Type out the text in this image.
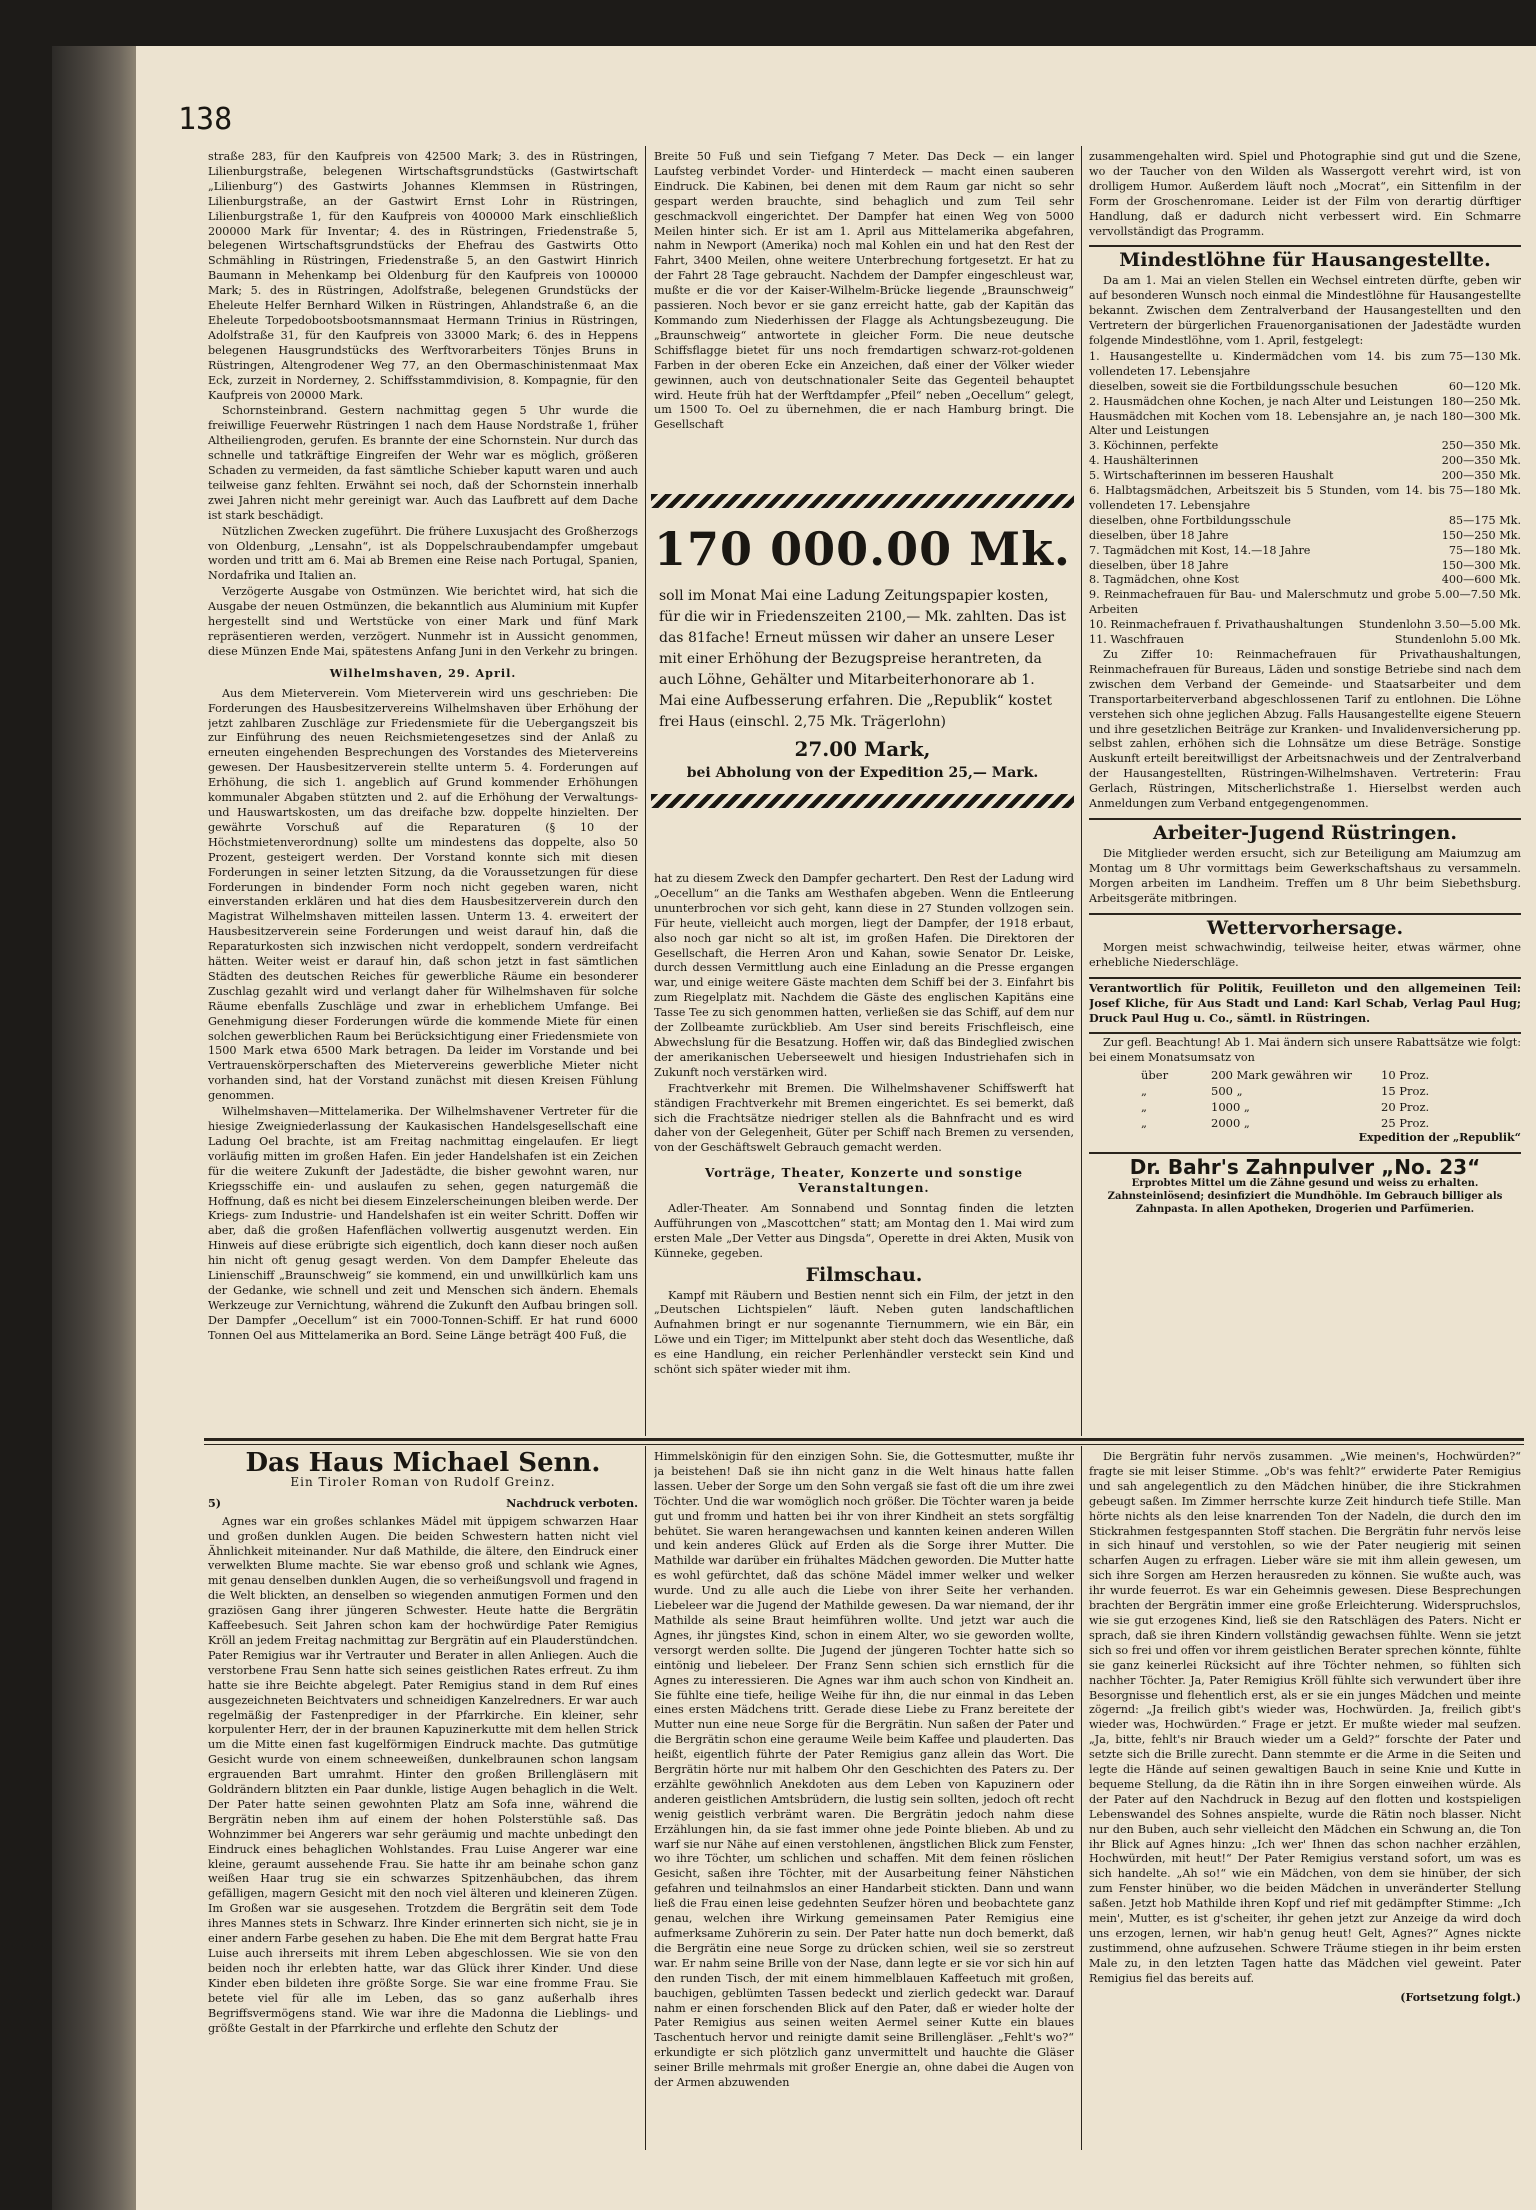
138

straße 283, für den Kaufpreis von 42500 Mark; 3. des in Rüstringen, Lilienburgstraße, belegenen Wirtschaftsgrundstücks (Gastwirtschaft „Lilienburg“) des Gastwirts Johannes Klemmsen in Rüstringen, Lilienburgstraße, an der Gastwirt Ernst Lohr in Rüstringen, Lilienburgstraße 1, für den Kaufpreis von 400000 Mark einschließlich 200000 Mark für Inventar; 4. des in Rüstringen, Friedenstraße 5, belegenen Wirtschaftsgrundstücks der Ehefrau des Gastwirts Otto Schmähling in Rüstringen, Friedenstraße 5, an den Gastwirt Hinrich Baumann in Mehenkamp bei Oldenburg für den Kaufpreis von 100000 Mark; 5. des in Rüstringen, Adolfstraße, belegenen Grundstücks der Eheleute Helfer Bernhard Wilken in Rüstringen, Ahlandstraße 6, an die Eheleute Torpedobootsbootsmannsmaat Hermann Trinius in Rüstringen, Adolfstraße 31, für den Kaufpreis von 33000 Mark; 6. des in Heppens belegenen Hausgrundstücks des Werftvorarbeiters Tönjes Bruns in Rüstringen, Altengrodener Weg 77, an den Obermaschinistenmaat Max Eck, zurzeit in Norderney, 2. Schiffsstammdivision, 8. Kompagnie, für den Kaufpreis von 20000 Mark.

Schornsteinbrand. Gestern nachmittag gegen 5 Uhr wurde die freiwillige Feuerwehr Rüstringen 1 nach dem Hause Nordstraße 1, früher Altheiliengroden, gerufen. Es brannte der eine Schornstein. Nur durch das schnelle und tatkräftige Eingreifen der Wehr war es möglich, größeren Schaden zu vermeiden, da fast sämtliche Schieber kaputt waren und auch teilweise ganz fehlten. Erwähnt sei noch, daß der Schornstein innerhalb zwei Jahren nicht mehr gereinigt war. Auch das Laufbrett auf dem Dache ist stark beschädigt.

Nützlichen Zwecken zugeführt. Die frühere Luxusjacht des Großherzogs von Oldenburg, „Lensahn“, ist als Doppelschraubendampfer umgebaut worden und tritt am 6. Mai ab Bremen eine Reise nach Portugal, Spanien, Nordafrika und Italien an.

Verzögerte Ausgabe von Ostmünzen. Wie berichtet wird, hat sich die Ausgabe der neuen Ostmünzen, die bekanntlich aus Aluminium mit Kupfer hergestellt sind und Wertstücke von einer Mark und fünf Mark repräsentieren werden, verzögert. Nunmehr ist in Aussicht genommen, diese Münzen Ende Mai, spätestens Anfang Juni in den Verkehr zu bringen.

Wilhelmshaven, 29. April.

Aus dem Mieterverein. Vom Mieterverein wird uns geschrieben: Die Forderungen des Hausbesitzervereins Wilhelmshaven über Erhöhung der jetzt zahlbaren Zuschläge zur Friedensmiete für die Uebergangszeit bis zur Einführung des neuen Reichsmietengesetzes sind der Anlaß zu erneuten eingehenden Besprechungen des Vorstandes des Mietervereins gewesen. Der Hausbesitzerverein stellte unterm 5. 4. Forderungen auf Erhöhung, die sich 1. angeblich auf Grund kommender Erhöhungen kommunaler Abgaben stützten und 2. auf die Erhöhung der Verwaltungs- und Hauswartskosten, um das dreifache bzw. doppelte hinzielten. Der gewährte Vorschuß auf die Reparaturen (§ 10 der Höchstmietenverordnung) sollte um mindestens das doppelte, also 50 Prozent, gesteigert werden. Der Vorstand konnte sich mit diesen Forderungen in seiner letzten Sitzung, da die Voraussetzungen für diese Forderungen in bindender Form noch nicht gegeben waren, nicht einverstanden erklären und hat dies dem Hausbesitzerverein durch den Magistrat Wilhelmshaven mitteilen lassen. Unterm 13. 4. erweitert der Hausbesitzerverein seine Forderungen und weist darauf hin, daß die Reparaturkosten sich inzwischen nicht verdoppelt, sondern verdreifacht hätten. Weiter weist er darauf hin, daß schon jetzt in fast sämtlichen Städten des deutschen Reiches für gewerbliche Räume ein besonderer Zuschlag gezahlt wird und verlangt daher für Wilhelmshaven für solche Räume ebenfalls Zuschläge und zwar in erheblichem Umfange. Bei Genehmigung dieser Forderungen würde die kommende Miete für einen solchen gewerblichen Raum bei Berücksichtigung einer Friedensmiete von 1500 Mark etwa 6500 Mark betragen. Da leider im Vorstande und bei Vertrauenskörperschaften des Mietervereins gewerbliche Mieter nicht vorhanden sind, hat der Vorstand zunächst mit diesen Kreisen Fühlung genommen.

Wilhelmshaven—Mittelamerika. Der Wilhelmshavener Vertreter für die hiesige Zweigniederlassung der Kaukasischen Handelsgesellschaft eine Ladung Oel brachte, ist am Freitag nachmittag eingelaufen. Er liegt vorläufig mitten im großen Hafen. Ein jeder Handelshafen ist ein Zeichen für die weitere Zukunft der Jadestädte, die bisher gewohnt waren, nur Kriegsschiffe ein- und auslaufen zu sehen, gegen naturgemäß die Hoffnung, daß es nicht bei diesem Einzelerscheinungen bleiben werde. Der Kriegs- zum Industrie- und Handelshafen ist ein weiter Schritt. Doffen wir aber, daß die großen Hafenflächen vollwertig ausgenutzt werden. Ein Hinweis auf diese erübrigte sich eigentlich, doch kann dieser noch außen hin nicht oft genug gesagt werden. Von dem Dampfer Eheleute das Linienschiff „Braunschweig“ sie kommend, ein und unwillkürlich kam uns der Gedanke, wie schnell und zeit und Menschen sich ändern. Ehemals Werkzeuge zur Vernichtung, während die Zukunft den Aufbau bringen soll. Der Dampfer „Oecellum“ ist ein 7000-Tonnen-Schiff. Er hat rund 6000 Tonnen Oel aus Mittelamerika an Bord. Seine Länge beträgt 400 Fuß, die

Breite 50 Fuß und sein Tiefgang 7 Meter. Das Deck — ein langer Laufsteg verbindet Vorder- und Hinterdeck — macht einen sauberen Eindruck. Die Kabinen, bei denen mit dem Raum gar nicht so sehr gespart werden brauchte, sind behaglich und zum Teil sehr geschmackvoll eingerichtet. Der Dampfer hat einen Weg von 5000 Meilen hinter sich. Er ist am 1. April aus Mittelamerika abgefahren, nahm in Newport (Amerika) noch mal Kohlen ein und hat den Rest der Fahrt, 3400 Meilen, ohne weitere Unterbrechung fortgesetzt. Er hat zu der Fahrt 28 Tage gebraucht. Nachdem der Dampfer eingeschleust war, mußte er die vor der Kaiser-Wilhelm-Brücke liegende „Braunschweig“ passieren. Noch bevor er sie ganz erreicht hatte, gab der Kapitän das Kommando zum Niederhissen der Flagge als Achtungsbezeugung. Die „Braunschweig“ antwortete in gleicher Form. Die neue deutsche Schiffsflagge bietet für uns noch fremdartigen schwarz-rot-goldenen Farben in der oberen Ecke ein Anzeichen, daß einer der Völker wieder gewinnen, auch von deutschnationaler Seite das Gegenteil behauptet wird. Heute früh hat der Werftdampfer „Pfeil“ neben „Oecellum“ gelegt, um 1500 To. Oel zu übernehmen, die er nach Hamburg bringt. Die Gesellschaft

170 000.00 Mk.
soll im Monat Mai eine Ladung Zeitungspapier kosten, für die wir in Friedenszeiten 2100,— Mk. zahlten. Das ist das 81fache! Erneut müssen wir daher an unsere Leser mit einer Erhöhung der Bezugspreise herantreten, da auch Löhne, Gehälter und Mitarbeiterhonorare ab 1. Mai eine Aufbesserung erfahren. Die „Republik“ kostet frei Haus (einschl. 2,75 Mk. Trägerlohn)
27.00 Mark,
bei Abholung von der Expedition 25,— Mark.

hat zu diesem Zweck den Dampfer gechartert. Den Rest der Ladung wird „Oecellum“ an die Tanks am Westhafen abgeben. Wenn die Entleerung ununterbrochen vor sich geht, kann diese in 27 Stunden vollzogen sein. Für heute, vielleicht auch morgen, liegt der Dampfer, der 1918 erbaut, also noch gar nicht so alt ist, im großen Hafen. Die Direktoren der Gesellschaft, die Herren Aron und Kahan, sowie Senator Dr. Leiske, durch dessen Vermittlung auch eine Einladung an die Presse ergangen war, und einige weitere Gäste machten dem Schiff bei der 3. Einfahrt bis zum Riegelplatz mit. Nachdem die Gäste des englischen Kapitäns eine Tasse Tee zu sich genommen hatten, verließen sie das Schiff, auf dem nur der Zollbeamte zurückblieb. Am User sind bereits Frischfleisch, eine Abwechslung für die Besatzung. Hoffen wir, daß das Bindeglied zwischen der amerikanischen Ueberseewelt und hiesigen Industriehafen sich in Zukunft noch verstärken wird.

Frachtverkehr mit Bremen. Die Wilhelmshavener Schiffswerft hat ständigen Frachtverkehr mit Bremen eingerichtet. Es sei bemerkt, daß sich die Frachtsätze niedriger stellen als die Bahnfracht und es wird daher von der Gelegenheit, Güter per Schiff nach Bremen zu versenden, von der Geschäftswelt Gebrauch gemacht werden.

Vorträge, Theater, Konzerte und sonstige Veranstaltungen.

Adler-Theater. Am Sonnabend und Sonntag finden die letzten Aufführungen von „Mascottchen“ statt; am Montag den 1. Mai wird zum ersten Male „Der Vetter aus Dingsda“, Operette in drei Akten, Musik von Künneke, gegeben.

Filmschau.

Kampf mit Räubern und Bestien nennt sich ein Film, der jetzt in den „Deutschen Lichtspielen“ läuft. Neben guten landschaftlichen Aufnahmen bringt er nur sogenannte Tiernummern, wie ein Bär, ein Löwe und ein Tiger; im Mittelpunkt aber steht doch das Wesentliche, daß es eine Handlung, ein reicher Perlenhändler versteckt sein Kind und schönt sich später wieder mit ihm.

zusammengehalten wird. Spiel und Photographie sind gut und die Szene, wo der Taucher von den Wilden als Wassergott verehrt wird, ist von drolligem Humor. Außerdem läuft noch „Mocrat“, ein Sittenfilm in der Form der Groschenromane. Leider ist der Film von derartig dürftiger Handlung, daß er dadurch nicht verbessert wird. Ein Schmarre vervollständigt das Programm.

Mindestlöhne für Hausangestellte.

Da am 1. Mai an vielen Stellen ein Wechsel eintreten dürfte, geben wir auf besonderen Wunsch noch einmal die Mindestlöhne für Hausangestellte bekannt. Zwischen dem Zentralverband der Hausangestellten und den Vertretern der bürgerlichen Frauenorganisationen der Jadestädte wurden folgende Mindestlöhne, vom 1. April, festgelegt:

1. Hausangestellte u. Kindermädchen vom 14. bis zum vollendeten 17. Lebensjahre
75—130 Mk.
dieselben, soweit sie die Fortbildungsschule besuchen	60—120 Mk.
2. Hausmädchen ohne Kochen, je nach Alter und Leistungen 180—250 Mk.
Hausmädchen mit Kochen vom 18. Lebensjahre an, je nach Alter und Leistungen
180—300 Mk.
3. Köchinnen, perfekte	250—350 Mk.
4. Haushälterinnen	200—350 Mk.
5. Wirtschafterinnen im besseren Haushalt	200—350 Mk.
6. Halbtagsmädchen, Arbeitszeit bis 5 Stunden, vom 14. bis vollendeten 17. Lebensjahre
75—180 Mk.
dieselben, ohne Fortbildungsschule	85—175 Mk.
dieselben, über 18 Jahre	150—250 Mk.
7. Tagmädchen mit Kost, 14.—18 Jahre	75—180 Mk.
dieselben, über 18 Jahre	150—300 Mk.
8. Tagmädchen, ohne Kost	400—600 Mk.
9. Reinmachefrauen für Bau- und Malerschmutz und grobe Arbeiten
5.00—7.50 Mk.
10. Reinmachefrauen f. Privathaushaltungen	Stundenlohn 3.50—5.00 Mk.
11. Waschfrauen	Stundenlohn 5.00 Mk.

Zu Ziffer 10: Reinmachefrauen für Privathaushaltungen, Reinmachefrauen für Bureaus, Läden und sonstige Betriebe sind nach dem zwischen dem Verband der Gemeinde- und Staatsarbeiter und dem Transportarbeiterverband abgeschlossenen Tarif zu entlohnen. Die Löhne verstehen sich ohne jeglichen Abzug. Falls Hausangestellte eigene Steuern und ihre gesetzlichen Beiträge zur Kranken- und Invalidenversicherung pp. selbst zahlen, erhöhen sich die Lohnsätze um diese Beträge. Sonstige Auskunft erteilt bereitwilligst der Arbeitsnachweis und der Zentralverband der Hausangestellten, Rüstringen-Wilhelmshaven. Vertreterin: Frau Gerlach, Rüstringen, Mitscherlichstraße 1. Hierselbst werden auch Anmeldungen zum Verband entgegengenommen.

Arbeiter-Jugend Rüstringen.

Die Mitglieder werden ersucht, sich zur Beteiligung am Maiumzug am Montag um 8 Uhr vormittags beim Gewerkschaftshaus zu versammeln. Morgen arbeiten im Landheim. Treffen um 8 Uhr beim Siebethsburg. Arbeitsgeräte mitbringen.

Wettervorhersage.

Morgen meist schwachwindig, teilweise heiter, etwas wärmer, ohne erhebliche Niederschläge.

Verantwortlich für Politik, Feuilleton und den allgemeinen Teil: Josef Kliche, für Aus Stadt und Land: Karl Schab, Verlag Paul Hug; Druck Paul Hug u. Co., sämtl. in Rüstringen.

Zur gefl. Beachtung! Ab 1. Mai ändern sich unsere Rabattsätze wie folgt: bei einem Monatsumsatz von

über	200 Mark gewähren wir	10 Proz.
„	500 „	15 Proz.
„	1000 „	20 Proz.
„	2000 „	25 Proz.
Expedition der „Republik“
Dr. Bahr's Zahnpulver „No. 23“
Erprobtes Mittel um die Zähne gesund und weiss zu erhalten. Zahnsteinlösend; desinfiziert die Mundhöhle. Im Gebrauch billiger als Zahnpasta. In allen Apotheken, Drogerien und Parfümerien.
Das Haus Michael Senn.
Ein Tiroler Roman von Rudolf Greinz.
5)	Nachdruck verboten.

Agnes war ein großes schlankes Mädel mit üppigem schwarzen Haar und großen dunklen Augen. Die beiden Schwestern hatten nicht viel Ähnlichkeit miteinander. Nur daß Mathilde, die ältere, den Eindruck einer verwelkten Blume machte. Sie war ebenso groß und schlank wie Agnes, mit genau denselben dunklen Augen, die so verheißungsvoll und fragend in die Welt blickten, an denselben so wiegenden anmutigen Formen und den graziösen Gang ihrer jüngeren Schwester. Heute hatte die Bergrätin Kaffeebesuch. Seit Jahren schon kam der hochwürdige Pater Remigius Kröll an jedem Freitag nachmittag zur Bergrätin auf ein Plauderstündchen. Pater Remigius war ihr Vertrauter und Berater in allen Anliegen. Auch die verstorbene Frau Senn hatte sich seines geistlichen Rates erfreut. Zu ihm hatte sie ihre Beichte abgelegt. Pater Remigius stand in dem Ruf eines ausgezeichneten Beichtvaters und schneidigen Kanzelredners. Er war auch regelmäßig der Fastenprediger in der Pfarrkirche. Ein kleiner, sehr korpulenter Herr, der in der braunen Kapuzinerkutte mit dem hellen Strick um die Mitte einen fast kugelförmigen Eindruck machte. Das gutmütige Gesicht wurde von einem schneeweißen, dunkelbraunen schon langsam ergrauenden Bart umrahmt. Hinter den großen Brillengläsern mit Goldrändern blitzten ein Paar dunkle, listige Augen behaglich in die Welt. Der Pater hatte seinen gewohnten Platz am Sofa inne, während die Bergrätin neben ihm auf einem der hohen Polsterstühle saß. Das Wohnzimmer bei Angerers war sehr geräumig und machte unbedingt den Eindruck eines behaglichen Wohlstandes. Frau Luise Angerer war eine kleine, geraumt aussehende Frau. Sie hatte ihr am beinahe schon ganz weißen Haar trug sie ein schwarzes Spitzenhäubchen, das ihrem gefälligen, magern Gesicht mit den noch viel älteren und kleineren Zügen. Im Großen war sie ausgesehen. Trotzdem die Bergrätin seit dem Tode ihres Mannes stets in Schwarz. Ihre Kinder erinnerten sich nicht, sie je in einer andern Farbe gesehen zu haben. Die Ehe mit dem Bergrat hatte Frau Luise auch ihrerseits mit ihrem Leben abgeschlossen. Wie sie von den beiden noch ihr erlebten hatte, war das Glück ihrer Kinder. Und diese Kinder eben bildeten ihre größte Sorge. Sie war eine fromme Frau. Sie betete viel für alle im Leben, das so ganz außerhalb ihres Begriffsvermögens stand. Wie war ihre die Madonna die Lieblings- und größte Gestalt in der Pfarrkirche und erflehte den Schutz der

Himmelskönigin für den einzigen Sohn. Sie, die Gottesmutter, mußte ihr ja beistehen! Daß sie ihn nicht ganz in die Welt hinaus hatte fallen lassen. Ueber der Sorge um den Sohn vergaß sie fast oft die um ihre zwei Töchter. Und die war womöglich noch größer. Die Töchter waren ja beide gut und fromm und hatten bei ihr von ihrer Kindheit an stets sorgfältig behütet. Sie waren herangewachsen und kannten keinen anderen Willen und kein anderes Glück auf Erden als die Sorge ihrer Mutter. Die Mathilde war darüber ein frühaltes Mädchen geworden. Die Mutter hatte es wohl gefürchtet, daß das schöne Mädel immer welker und welker wurde. Und zu alle auch die Liebe von ihrer Seite her verhanden. Liebeleer war die Jugend der Mathilde gewesen. Da war niemand, der ihr Mathilde als seine Braut heimführen wollte. Und jetzt war auch die Agnes, ihr jüngstes Kind, schon in einem Alter, wo sie geworden wollte, versorgt werden sollte. Die Jugend der jüngeren Tochter hatte sich so eintönig und liebeleer. Der Franz Senn schien sich ernstlich für die Agnes zu interessieren. Die Agnes war ihm auch schon von Kindheit an. Sie fühlte eine tiefe, heilige Weihe für ihn, die nur einmal in das Leben eines ersten Mädchens tritt. Gerade diese Liebe zu Franz bereitete der Mutter nun eine neue Sorge für die Bergrätin. Nun saßen der Pater und die Bergrätin schon eine geraume Weile beim Kaffee und plauderten. Das heißt, eigentlich führte der Pater Remigius ganz allein das Wort. Die Bergrätin hörte nur mit halbem Ohr den Geschichten des Paters zu. Der erzählte gewöhnlich Anekdoten aus dem Leben von Kapuzinern oder anderen geistlichen Amtsbrüdern, die lustig sein sollten, jedoch oft recht wenig geistlich verbrämt waren. Die Bergrätin jedoch nahm diese Erzählungen hin, da sie fast immer ohne jede Pointe blieben. Ab und zu warf sie nur Nähe auf einen verstohlenen, ängstlichen Blick zum Fenster, wo ihre Töchter, um schlichen und schaffen. Mit dem feinen röslichen Gesicht, saßen ihre Töchter, mit der Ausarbeitung feiner Nähstichen gefahren und teilnahmslos an einer Handarbeit stickten. Dann und wann ließ die Frau einen leise gedehnten Seufzer hören und beobachtete ganz genau, welchen ihre Wirkung gemeinsamen Pater Remigius eine aufmerksame Zuhörerin zu sein. Der Pater hatte nun doch bemerkt, daß die Bergrätin eine neue Sorge zu drücken schien, weil sie so zerstreut war. Er nahm seine Brille von der Nase, dann legte er sie vor sich hin auf den runden Tisch, der mit einem himmelblauen Kaffeetuch mit großen, bauchigen, geblümten Tassen bedeckt und zierlich gedeckt war. Darauf nahm er einen forschenden Blick auf den Pater, daß er wieder holte der Pater Remigius aus seinen weiten Aermel seiner Kutte ein blaues Taschentuch hervor und reinigte damit seine Brillengläser. „Fehlt's wo?“ erkundigte er sich plötzlich ganz unvermittelt und hauchte die Gläser seiner Brille mehrmals mit großer Energie an, ohne dabei die Augen von der Armen abzuwenden

Die Bergrätin fuhr nervös zusammen. „Wie meinen's, Hochwürden?“ fragte sie mit leiser Stimme. „Ob's was fehlt?“ erwiderte Pater Remigius und sah angelegentlich zu den Mädchen hinüber, die ihre Stickrahmen gebeugt saßen. Im Zimmer herrschte kurze Zeit hindurch tiefe Stille. Man hörte nichts als den leise knarrenden Ton der Nadeln, die durch den im Stickrahmen festgespannten Stoff stachen. Die Bergrätin fuhr nervös leise in sich hinauf und verstohlen, so wie der Pater neugierig mit seinen scharfen Augen zu erfragen. Lieber wäre sie mit ihm allein gewesen, um sich ihre Sorgen am Herzen herausreden zu können. Sie wußte auch, was ihr wurde feuerrot. Es war ein Geheimnis gewesen. Diese Besprechungen brachten der Bergrätin immer eine große Erleichterung. Widerspruchslos, wie sie gut erzogenes Kind, ließ sie den Ratschlägen des Paters. Nicht er sprach, daß sie ihren Kindern vollständig gewachsen fühlte. Wenn sie jetzt sich so frei und offen vor ihrem geistlichen Berater sprechen könnte, fühlte sie ganz keinerlei Rücksicht auf ihre Töchter nehmen, so fühlten sich nachher Töchter. Ja, Pater Remigius Kröll fühlte sich verwundert über ihre Besorgnisse und flehentlich erst, als er sie ein junges Mädchen und meinte zögernd: „Ja freilich gibt's wieder was, Hochwürden. Ja, freilich gibt's wieder was, Hochwürden.“ Frage er jetzt. Er mußte wieder mal seufzen. „Ja, bitte, fehlt's nir Brauch wieder um a Geld?“ forschte der Pater und setzte sich die Brille zurecht. Dann stemmte er die Arme in die Seiten und legte die Hände auf seinen gewaltigen Bauch in seine Knie und Kutte in bequeme Stellung, da die Rätin ihn in ihre Sorgen einweihen würde. Als der Pater auf den Nachdruck in Bezug auf den flotten und kostspieligen Lebenswandel des Sohnes anspielte, wurde die Rätin noch blasser. Nicht nur den Buben, auch sehr vielleicht den Mädchen ein Schwung an, die Ton ihr Blick auf Agnes hinzu: „Ich wer' Ihnen das schon nachher erzählen, Hochwürden, mit heut!“ Der Pater Remigius verstand sofort, um was es sich handelte. „Ah so!“ wie ein Mädchen, von dem sie hinüber, der sich zum Fenster hinüber, wo die beiden Mädchen in unveränderter Stellung saßen. Jetzt hob Mathilde ihren Kopf und rief mit gedämpfter Stimme: „Ich mein', Mutter, es ist g'scheiter, ihr gehen jetzt zur Anzeige da wird doch uns erzogen, lernen, wir hab'n genug heut! Gelt, Agnes?“ Agnes nickte zustimmend, ohne aufzusehen. Schwere Träume stiegen in ihr beim ersten Male zu, in den letzten Tagen hatte das Mädchen viel geweint. Pater Remigius fiel das bereits auf.

(Fortsetzung folgt.)
